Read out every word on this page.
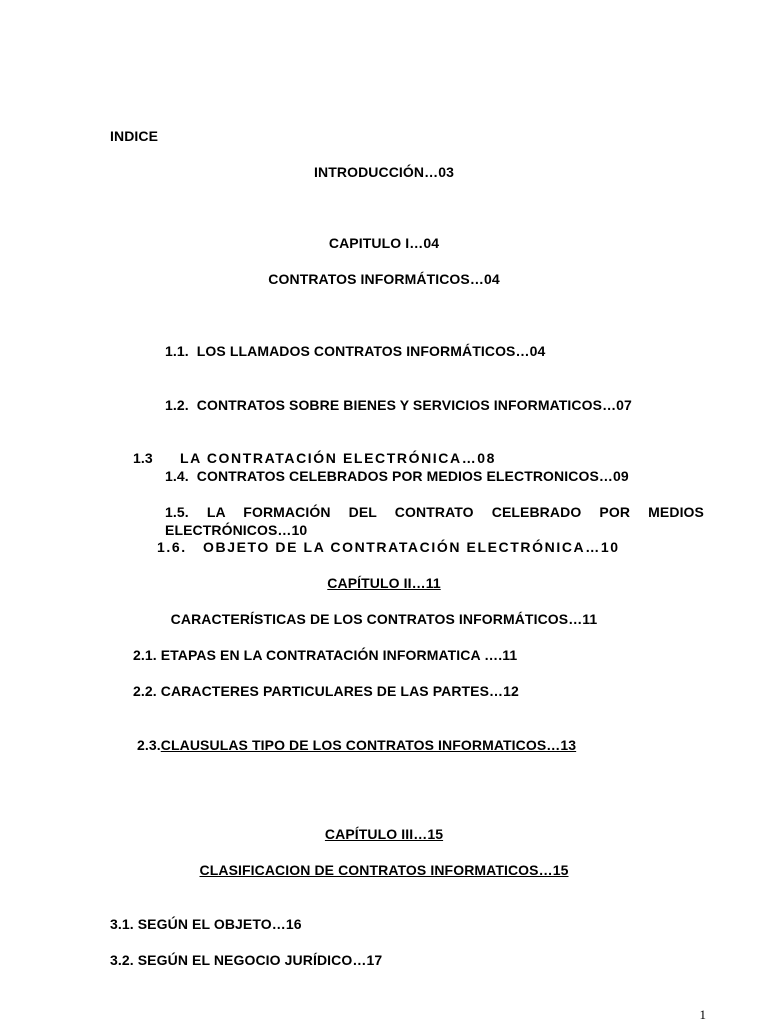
INDICE
INTRODUCCIÓN…03
CAPITULO I…04
CONTRATOS INFORMÁTICOS…04
1.1. LOS LLAMADOS CONTRATOS INFORMÁTICOS…04
1.2. CONTRATOS SOBRE BIENES Y SERVICIOS INFORMATICOS…07
1.3 LA CONTRATACIÓN ELECTRÓNICA…08
1.4. CONTRATOS CELEBRADOS POR MEDIOS ELECTRONICOS…09
1.5. LA FORMACIÓN DEL CONTRATO CELEBRADO POR MEDIOS
ELECTRÓNICOS…10
1.6. OBJETO DE LA CONTRATACIÓN ELECTRÓNICA…10
CAPÍTULO II…11
CARACTERÍSTICAS DE LOS CONTRATOS INFORMÁTICOS…11
2.1. ETAPAS EN LA CONTRATACIÓN INFORMATICA ….11
2.2. CARACTERES PARTICULARES DE LAS PARTES…12
2.3.CLAUSULAS TIPO DE LOS CONTRATOS INFORMATICOS…13
CAPÍTULO III…15
CLASIFICACION DE CONTRATOS INFORMATICOS…15
3.1. SEGÚN EL OBJETO…16
3.2. SEGÚN EL NEGOCIO JURÍDICO…17
1
